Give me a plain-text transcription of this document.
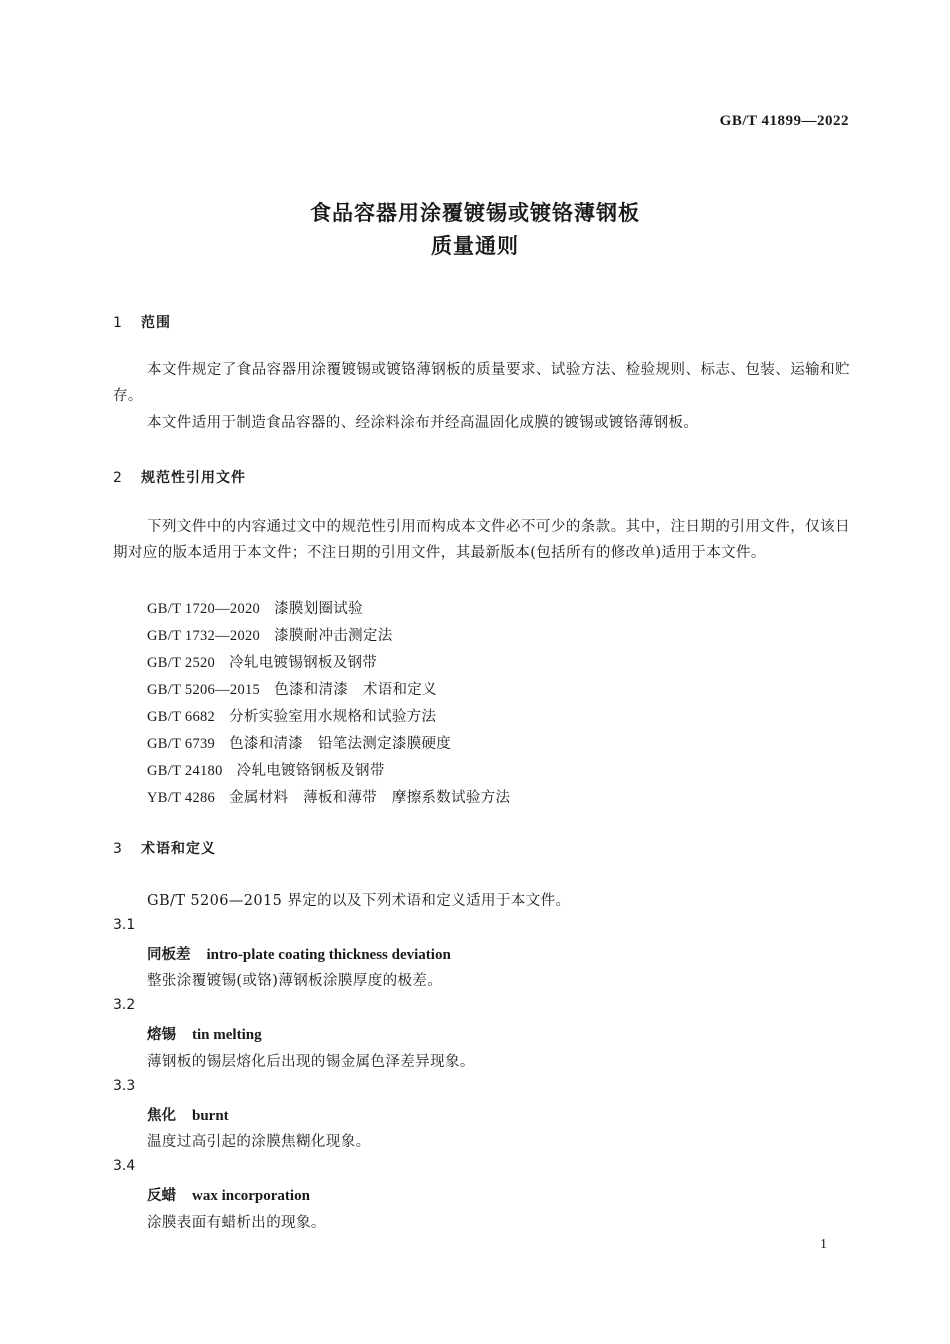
GB/T 41899—2022
食品容器用涂覆镀锡或镀铬薄钢板
质量通则
1 范围
本文件规定了食品容器用涂覆镀锡或镀铬薄钢板的质量要求、试验方法、检验规则、标志、包装、运输和贮存。
本文件适用于制造食品容器的、经涂料涂布并经高温固化成膜的镀锡或镀铬薄钢板。
2 规范性引用文件
下列文件中的内容通过文中的规范性引用而构成本文件必不可少的条款。其中，注日期的引用文件，仅该日期对应的版本适用于本文件；不注日期的引用文件，其最新版本(包括所有的修改单)适用于本文件。
GB/T 1720—2020 漆膜划圈试验
GB/T 1732—2020 漆膜耐冲击测定法
GB/T 2520 冷轧电镀锡钢板及钢带
GB/T 5206—2015 色漆和清漆　术语和定义
GB/T 6682 分析实验室用水规格和试验方法
GB/T 6739 色漆和清漆　铅笔法测定漆膜硬度
GB/T 24180 冷轧电镀铬钢板及钢带
YB/T 4286 金属材料　薄板和薄带　摩擦系数试验方法
3 术语和定义
GB/T 5206—2015 界定的以及下列术语和定义适用于本文件。
3.1
同板差 intro-plate coating thickness deviation
整张涂覆镀锡(或铬)薄钢板涂膜厚度的极差。
3.2
熔锡 tin melting
薄钢板的锡层熔化后出现的锡金属色泽差异现象。
3.3
焦化 burnt
温度过高引起的涂膜焦糊化现象。
3.4
反蜡 wax incorporation
涂膜表面有蜡析出的现象。
1
